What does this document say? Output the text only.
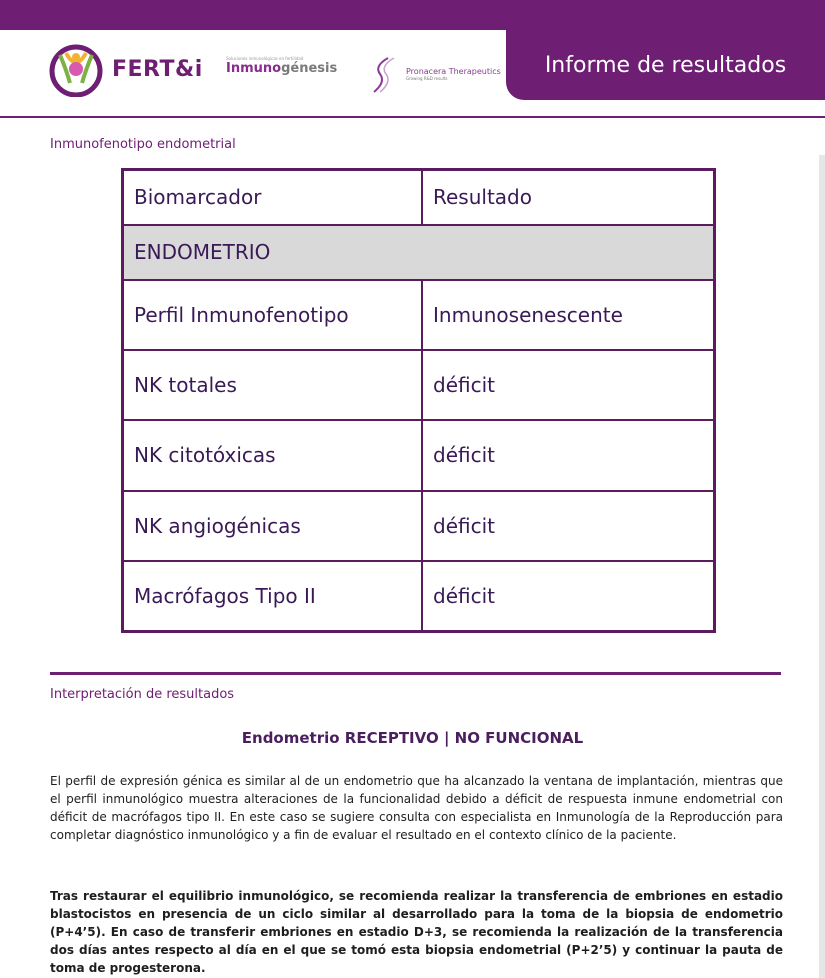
FERT&i	Soluciones inmunológicas en fertilidad
Inmunogénesis	Pronacera Therapeutics
Growing R&D results
Informe de resultados
Inmunofenotipo endometrial
Biomarcador	Resultado
ENDOMETRIO	
Perfil Inmunofenotipo	Inmunosenescente
NK totales	déficit
NK citotóxicas	déficit
NK angiogénicas	déficit
Macrófagos Tipo II	déficit
Interpretación de resultados
Endometrio RECEPTIVO | NO FUNCIONAL

El perfil de expresión génica es similar al de un endometrio que ha alcanzado la ventana de implantación, mientras que el perfil inmunológico muestra alteraciones de la funcionalidad debido a déficit de respuesta inmune endometrial con déficit de macrófagos tipo II. En este caso se sugiere consulta con especialista en Inmunología de la Reproducción para completar diagnóstico inmunológico y a fin de evaluar el resultado en el contexto clínico de la paciente.

Tras restaurar el equilibrio inmunológico, se recomienda realizar la transferencia de embriones en estadio blastocistos en presencia de un ciclo similar al desarrollado para la toma de la biopsia de endometrio (P+4’5). En caso de transferir embriones en estadio D+3, se recomienda la realización de la transferencia dos días antes respecto al día en el que se tomó esta biopsia endometrial (P+2’5) y continuar la pauta de toma de progesterona.
